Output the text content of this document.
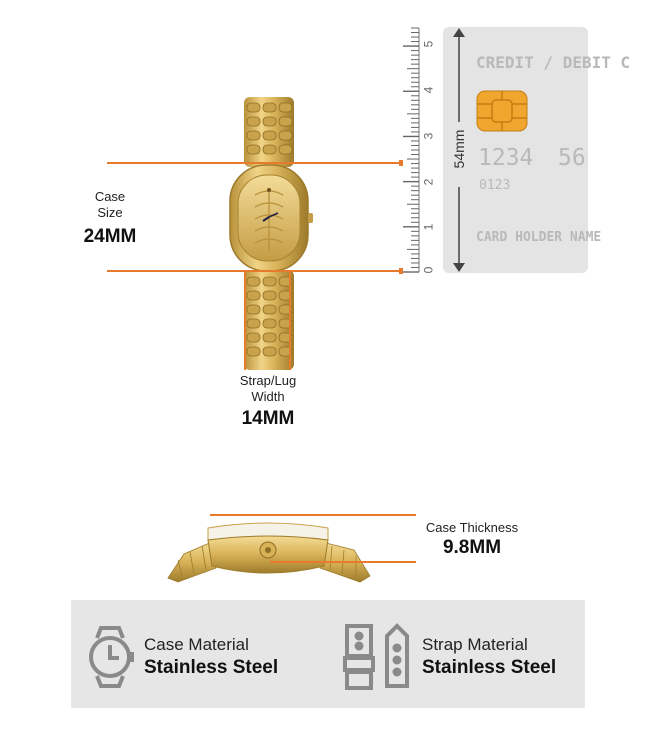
Case
Size
24MM
Strap/Lug
Width
14MM
5
4
3
2
1
0
CREDIT / DEBIT C
1234 56
0123
CARD HOLDER NAME
54mm
Case Thickness
9.8MM
Case Material
Stainless Steel
Strap Material
Stainless Steel
